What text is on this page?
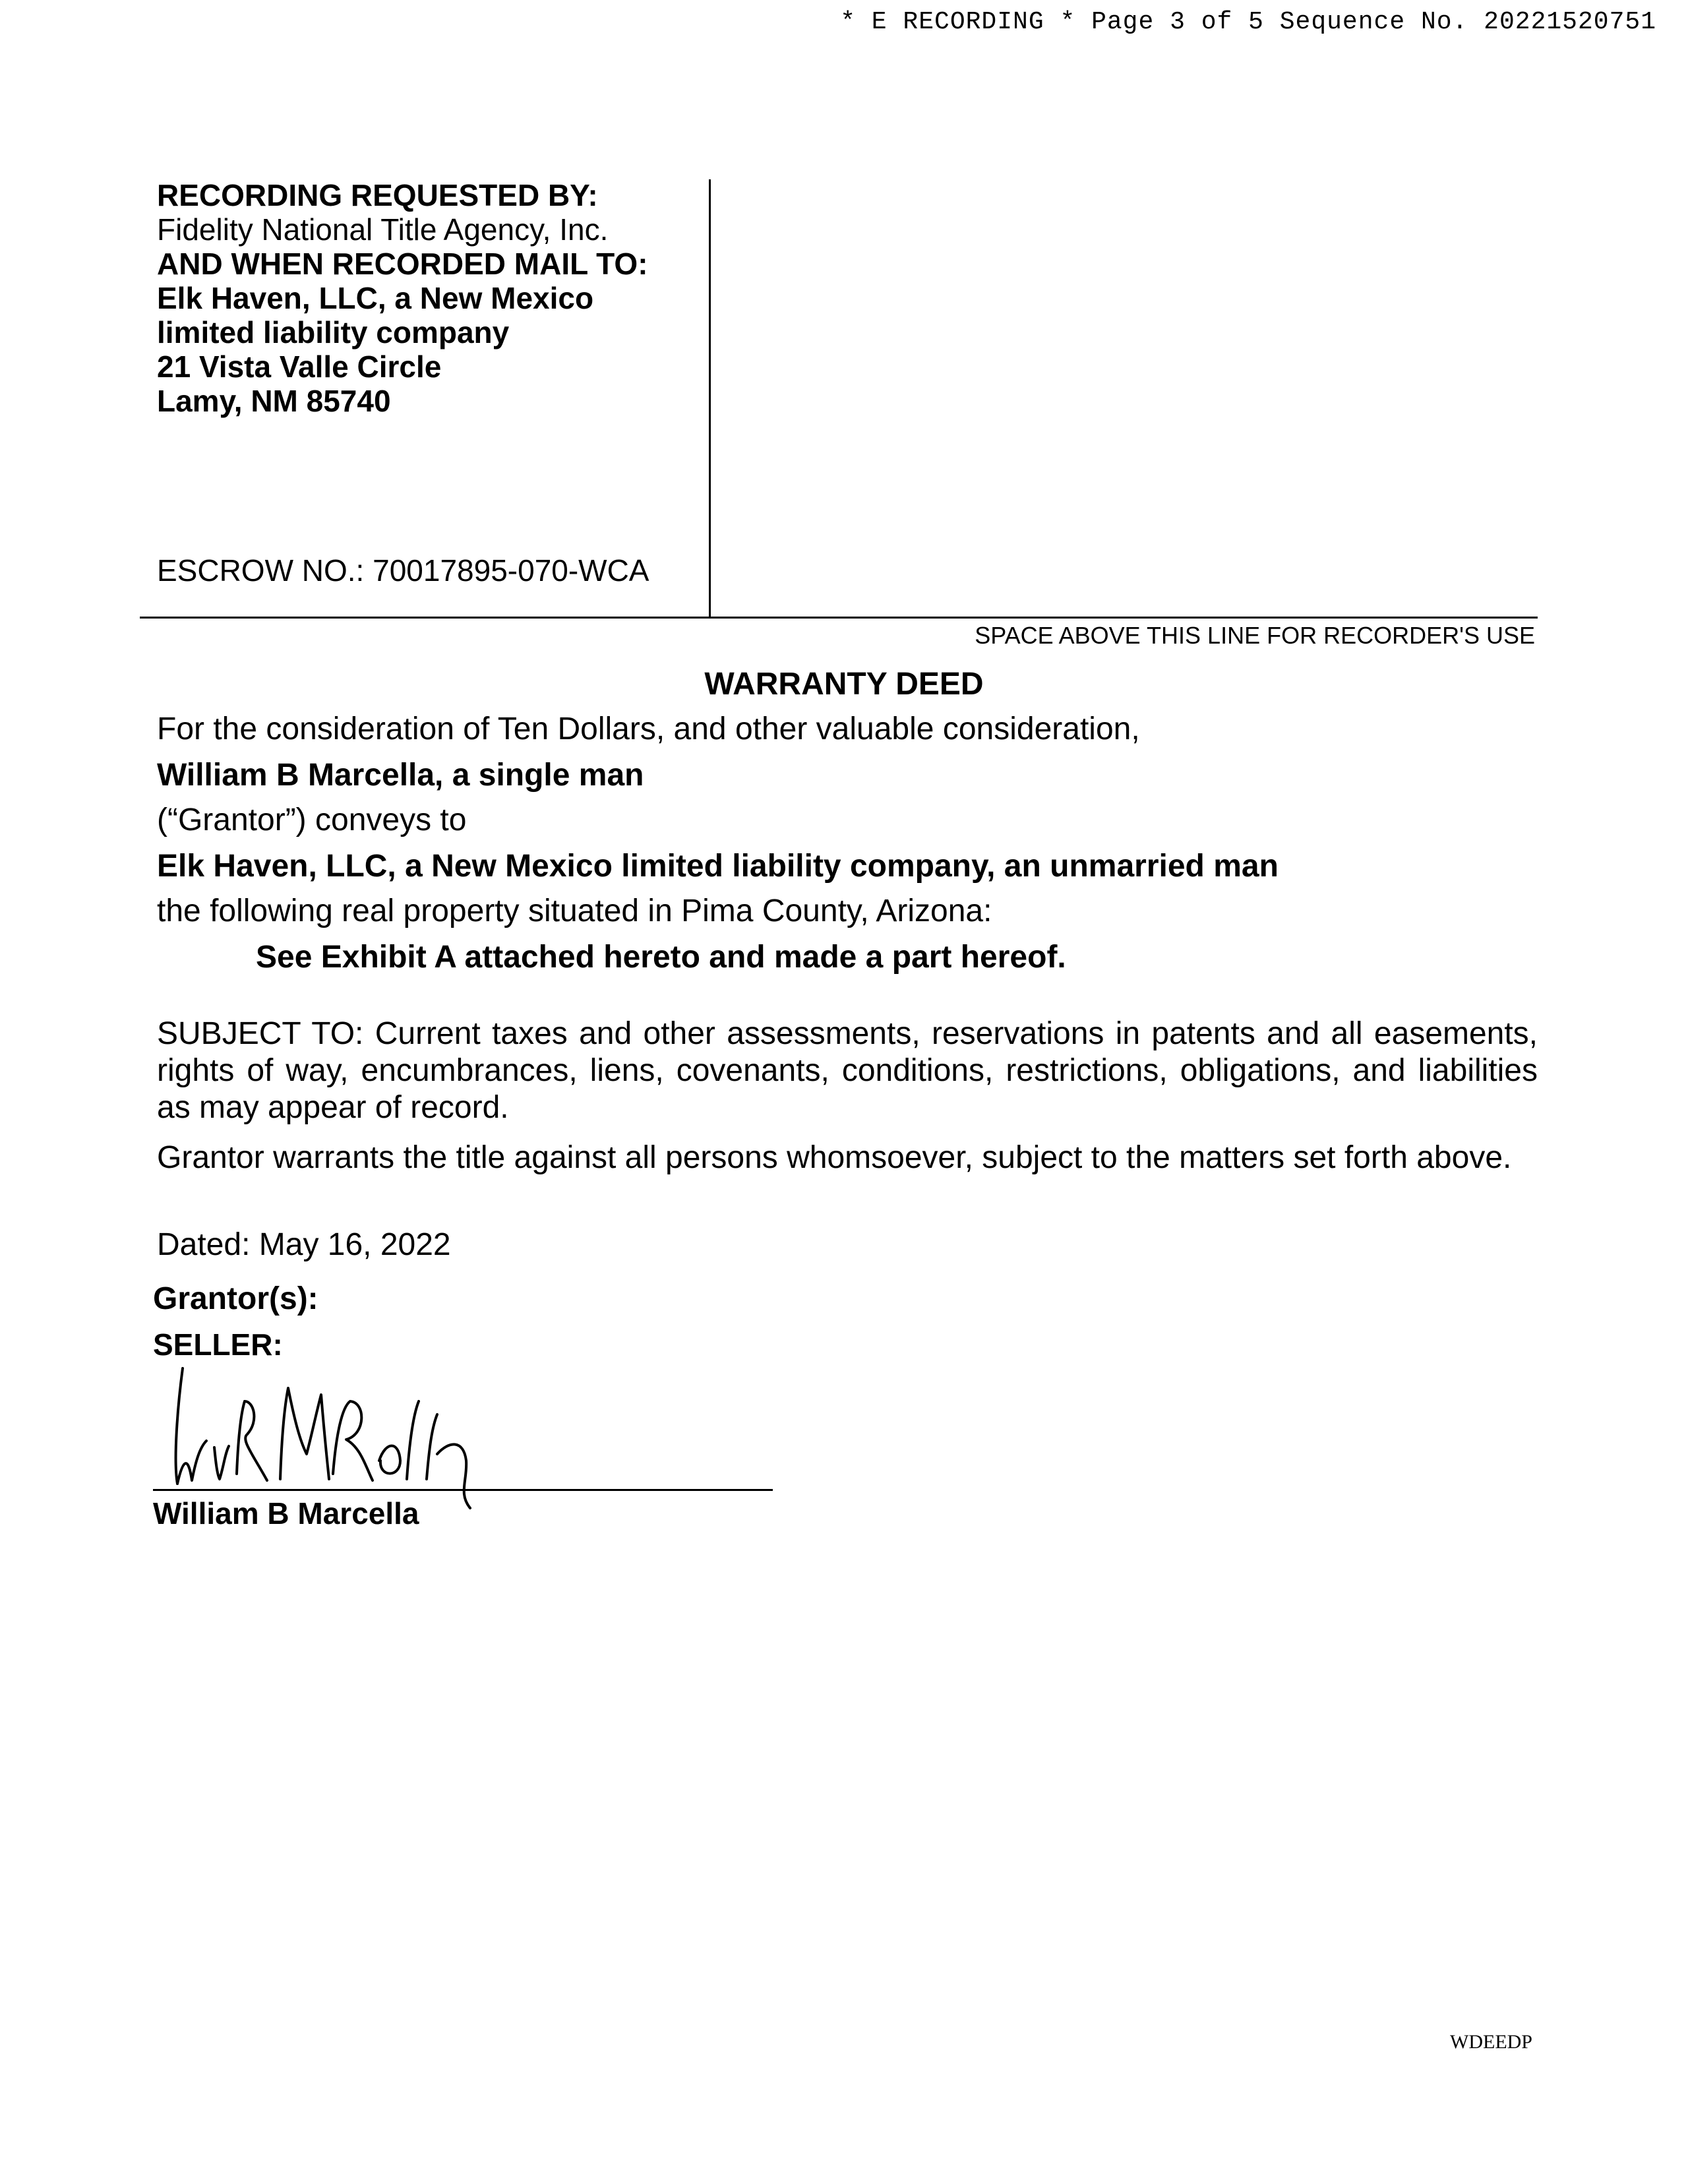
* E RECORDING * Page 3 of 5 Sequence No. 20221520751
RECORDING REQUESTED BY:
Fidelity National Title Agency, Inc.
AND WHEN RECORDED MAIL TO:
Elk Haven, LLC, a New Mexico
limited liability company
21 Vista Valle Circle
Lamy, NM 85740
ESCROW NO.: 70017895-070-WCA
SPACE ABOVE THIS LINE FOR RECORDER'S USE
WARRANTY DEED
For the consideration of Ten Dollars, and other valuable consideration,
William B Marcella, a single man
(“Grantor”) conveys to
Elk Haven, LLC, a New Mexico limited liability company, an unmarried man
the following real property situated in Pima County, Arizona:
See Exhibit A attached hereto and made a part hereof.
SUBJECT TO: Current taxes and other assessments, reservations in patents and all easements, rights of way, encumbrances, liens, covenants, conditions, restrictions, obligations, and liabilities as may appear of record.
Grantor warrants the title against all persons whomsoever, subject to the matters set forth above.
Dated: May 16, 2022
Grantor(s):
SELLER:
William B Marcella
WDEEDP
